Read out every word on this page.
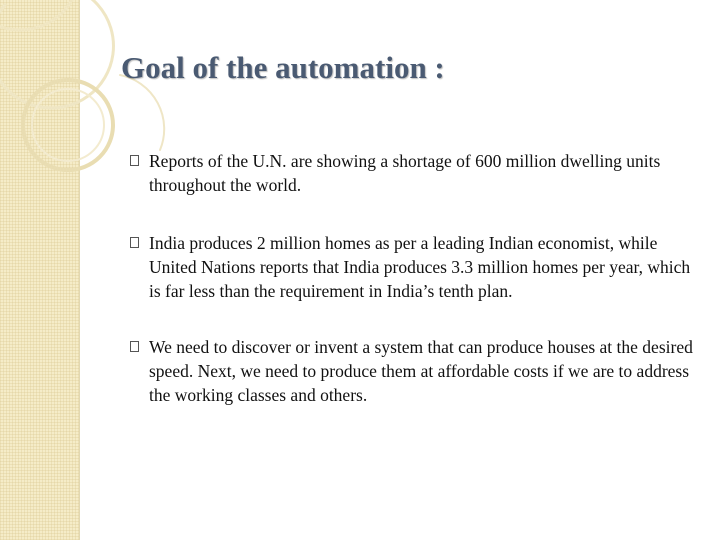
Goal of the automation :
Reports of the U.N. are showing a shortage of 600 million dwelling units throughout the world.
India produces 2 million homes as per a leading Indian economist, while United Nations reports that India produces 3.3 million homes per year, which is far less than the requirement in India’s tenth plan.
We need to discover or invent a system that can produce houses at the desired speed. Next, we need to produce them at affordable costs if we are to address the working classes and others.
